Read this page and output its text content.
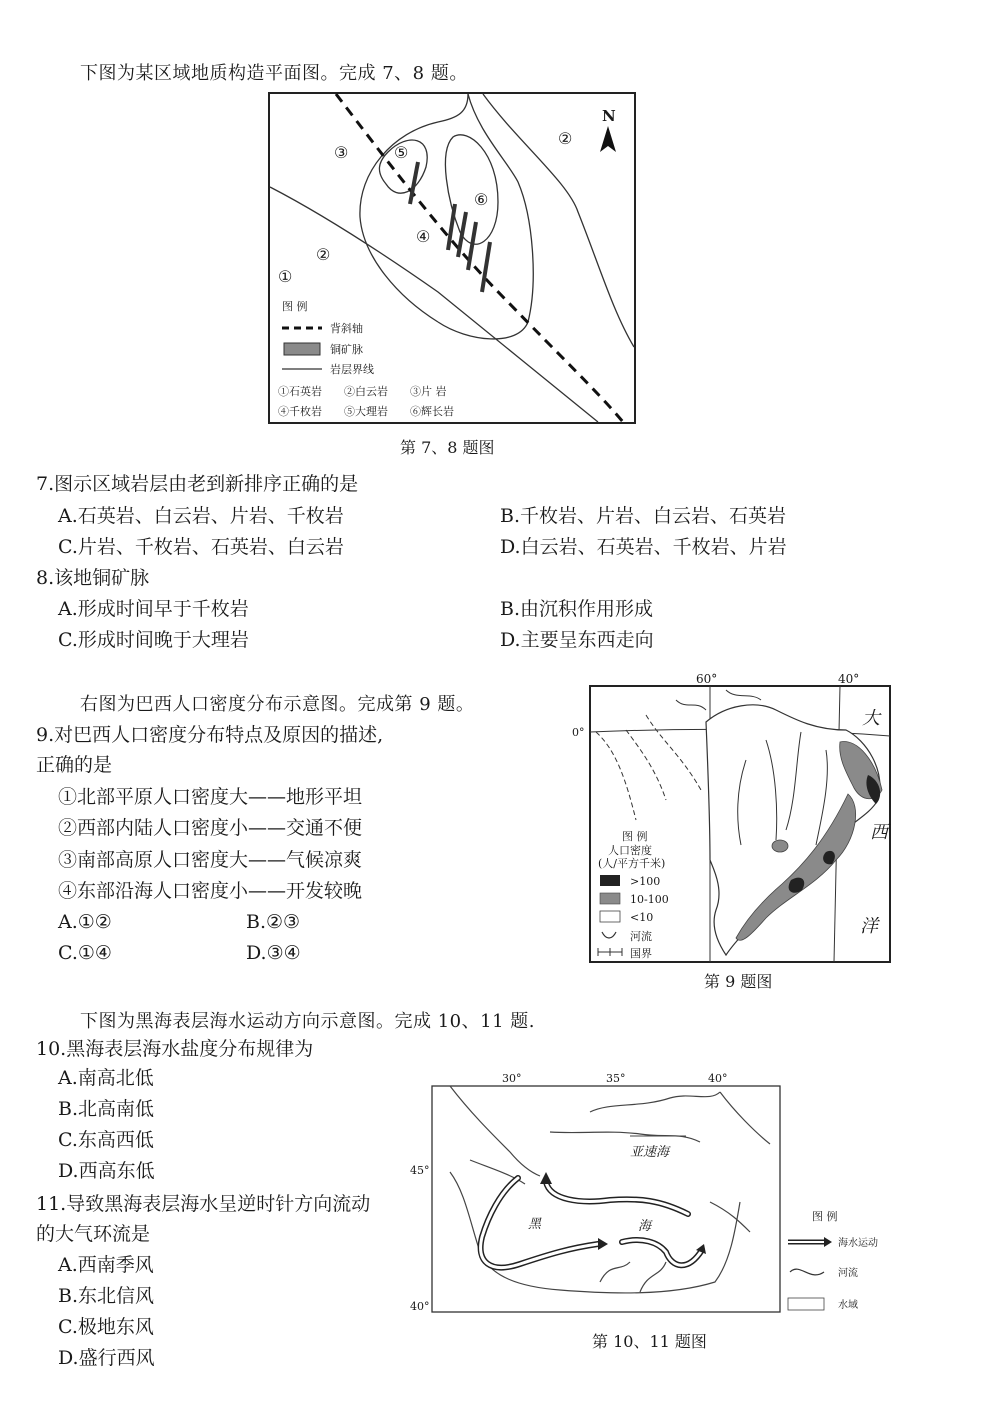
下图为某区域地质构造平面图。完成 7、8 题。
N
①
②
②
③
④
⑤
⑥
图 例
背斜轴
铜矿脉
岩层界线
①石英岩 ②白云岩 ③片 岩
④千枚岩 ⑤大理岩 ⑥辉长岩
第 7、8 题图
7.图示区域岩层由老到新排序正确的是
A.石英岩、白云岩、片岩、千枚岩	B.千枚岩、片岩、白云岩、石英岩
C.片岩、千枚岩、石英岩、白云岩	D.白云岩、石英岩、千枚岩、片岩
8.该地铜矿脉
A.形成时间早于千枚岩	B.由沉积作用形成
C.形成时间晚于大理岩	D.主要呈东西走向
右图为巴西人口密度分布示意图。完成第 9 题。
9.对巴西人口密度分布特点及原因的描述,
正确的是
①北部平原人口密度大——地形平坦
②西部内陆人口密度小——交通不便
③南部高原人口密度大——气候凉爽
④东部沿海人口密度小——开发较晚
A.①②	B.②③
C.①④	D.③④
60°	40°
0°
大
西
洋
图 例
人口密度
(人/平方千米)
>100
10-100
<10
河流
国界
第 9 题图
下图为黑海表层海水运动方向示意图。完成 10、11 题.
10.黑海表层海水盐度分布规律为
A.南高北低
B.北高南低
C.东高西低
D.西高东低
11.导致黑海表层海水呈逆时针方向流动
的大气环流是
A.西南季风
B.东北信风
C.极地东风
D.盛行西风
30°	35°	40°
45°
40°
亚速海
黑	海
图 例
海水运动
河流
水域
第 10、11 题图
